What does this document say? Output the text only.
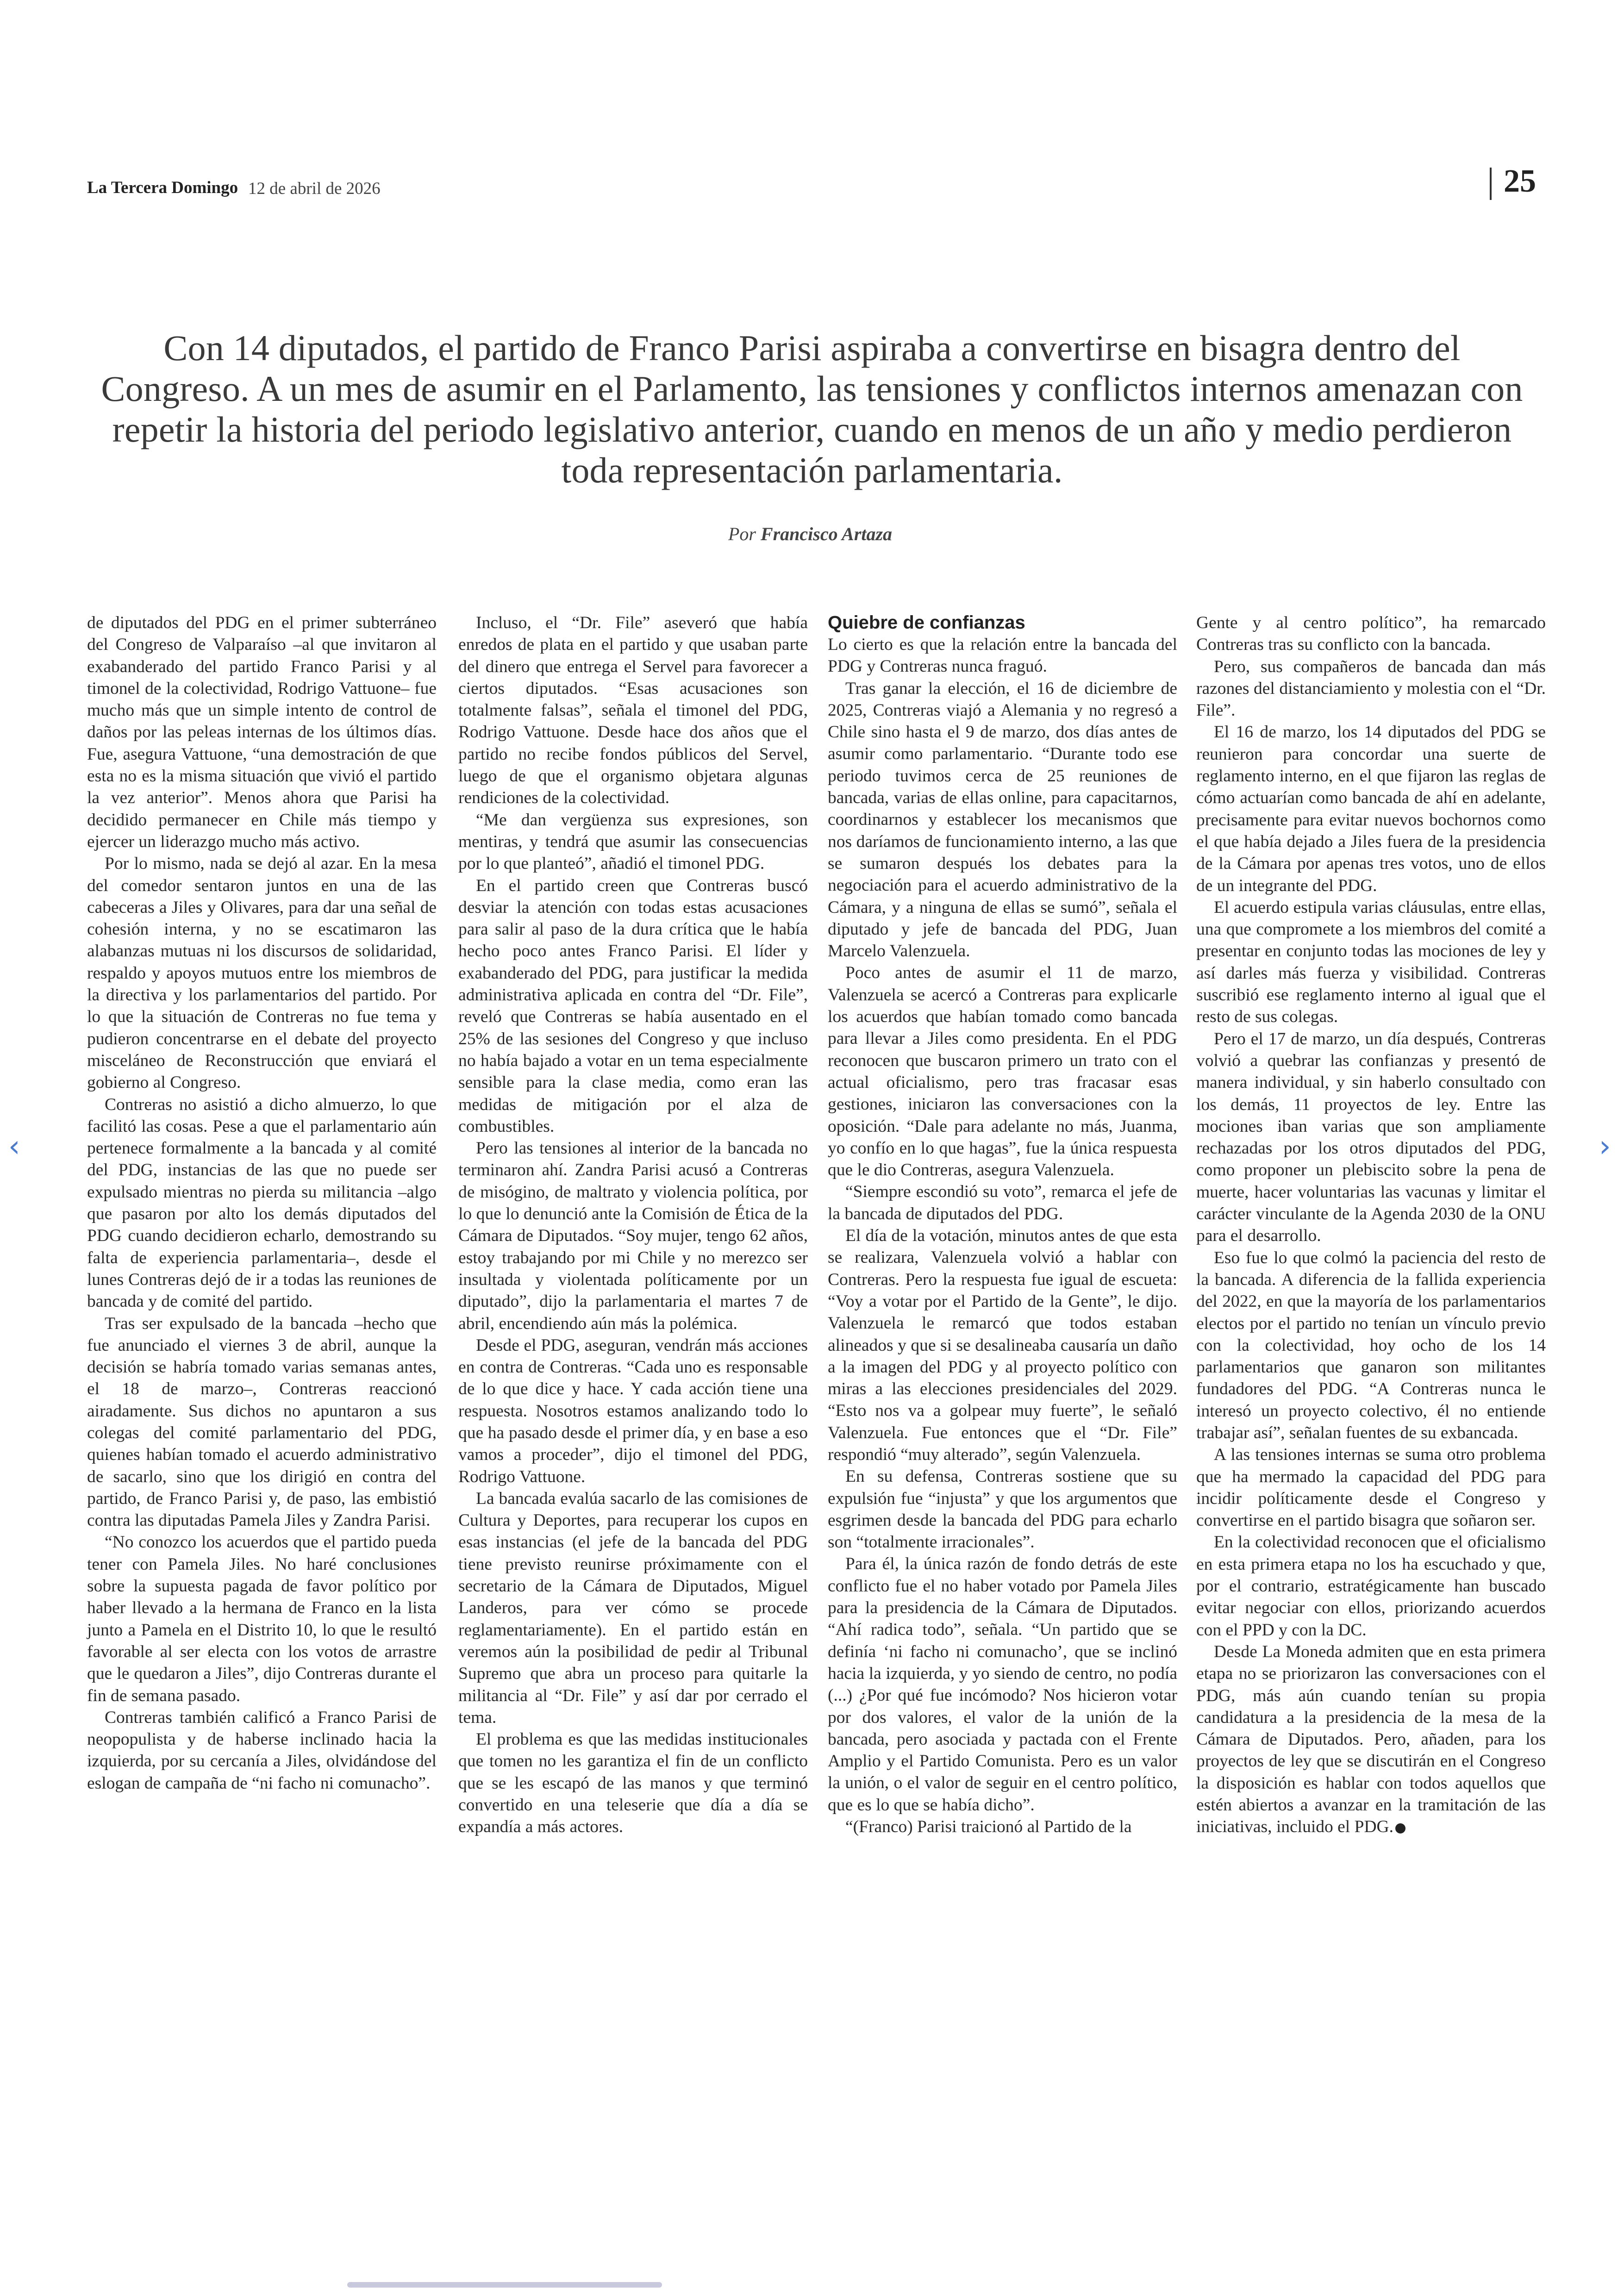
La Tercera Domingo 12 de abril de 2026	25
Con 14 diputados, el partido de Franco Parisi aspiraba a convertirse en bisagra dentro del Congreso. A un mes de asumir en el Parlamento, las tensiones y conflictos internos amenazan con repetir la historia del periodo legislativo anterior, cuando en menos de un año y medio perdieron toda representación parlamentaria.
Por Francisco Artaza

de diputados del PDG en el primer subterráneo del Congreso de Valparaíso –al que invitaron al exabanderado del partido Franco Parisi y al timonel de la colectividad, Rodrigo Vattuone– fue mucho más que un simple intento de control de daños por las peleas internas de los últimos días. Fue, asegura Vattuone, “una demostración de que esta no es la misma situación que vivió el partido la vez anterior”. Menos ahora que Parisi ha decidido permanecer en Chile más tiempo y ejercer un liderazgo mucho más activo.

Por lo mismo, nada se dejó al azar. En la mesa del comedor sentaron juntos en una de las cabeceras a Jiles y Olivares, para dar una señal de cohesión interna, y no se escatimaron las alabanzas mutuas ni los discursos de solidaridad, respaldo y apoyos mutuos entre los miembros de la directiva y los parlamentarios del partido. Por lo que la situación de Contreras no fue tema y pudieron concentrarse en el debate del proyecto misceláneo de Reconstrucción que enviará el gobierno al Congreso.

Contreras no asistió a dicho almuerzo, lo que facilitó las cosas. Pese a que el parlamentario aún pertenece formalmente a la bancada y al comité del PDG, instancias de las que no puede ser expulsado mientras no pierda su militancia –algo que pasaron por alto los demás diputados del PDG cuando decidieron echarlo, demostrando su falta de experiencia parlamentaria–, desde el lunes Contreras dejó de ir a todas las reuniones de bancada y de comité del partido.

Tras ser expulsado de la bancada –hecho que fue anunciado el viernes 3 de abril, aunque la decisión se habría tomado varias semanas antes, el 18 de marzo–, Contreras reaccionó airadamente. Sus dichos no apuntaron a sus colegas del comité parlamentario del PDG, quienes habían tomado el acuerdo administrativo de sacarlo, sino que los dirigió en contra del partido, de Franco Parisi y, de paso, las embistió contra las diputadas Pamela Jiles y Zandra Parisi.

“No conozco los acuerdos que el partido pueda tener con Pamela Jiles. No haré conclusiones sobre la supuesta pagada de favor político por haber llevado a la hermana de Franco en la lista junto a Pamela en el Distrito 10, lo que le resultó favorable al ser electa con los votos de arrastre que le quedaron a Jiles”, dijo Contreras durante el fin de semana pasado.

Contreras también calificó a Franco Parisi de neopopulista y de haberse inclinado hacia la izquierda, por su cercanía a Jiles, olvidándose del eslogan de campaña de “ni facho ni comunacho”.

Incluso, el “Dr. File” aseveró que había enredos de plata en el partido y que usaban parte del dinero que entrega el Servel para favorecer a ciertos diputados. “Esas acusaciones son totalmente falsas”, señala el timonel del PDG, Rodrigo Vattuone. Desde hace dos años que el partido no recibe fondos públicos del Servel, luego de que el organismo objetara algunas rendiciones de la colectividad.

“Me dan vergüenza sus expresiones, son mentiras, y tendrá que asumir las consecuencias por lo que planteó”, añadió el timonel PDG.

En el partido creen que Contreras buscó desviar la atención con todas estas acusaciones para salir al paso de la dura crítica que le había hecho poco antes Franco Parisi. El líder y exabanderado del PDG, para justificar la medida administrativa aplicada en contra del “Dr. File”, reveló que Contreras se había ausentado en el 25% de las sesiones del Congreso y que incluso no había bajado a votar en un tema especialmente sensible para la clase media, como eran las medidas de mitigación por el alza de combustibles.

Pero las tensiones al interior de la bancada no terminaron ahí. Zandra Parisi acusó a Contreras de misógino, de maltrato y violencia política, por lo que lo denunció ante la Comisión de Ética de la Cámara de Diputados. “Soy mujer, tengo 62 años, estoy trabajando por mi Chile y no merezco ser insultada y violentada políticamente por un diputado”, dijo la parlamentaria el martes 7 de abril, encendiendo aún más la polémica.

Desde el PDG, aseguran, vendrán más acciones en contra de Contreras. “Cada uno es responsable de lo que dice y hace. Y cada acción tiene una respuesta. Nosotros estamos analizando todo lo que ha pasado desde el primer día, y en base a eso vamos a proceder”, dijo el timonel del PDG, Rodrigo Vattuone.

La bancada evalúa sacarlo de las comisiones de Cultura y Deportes, para recuperar los cupos en esas instancias (el jefe de la bancada del PDG tiene previsto reunirse próximamente con el secretario de la Cámara de Diputados, Miguel Landeros, para ver cómo se procede reglamentariamente). En el partido están en veremos aún la posibilidad de pedir al Tribunal Supremo que abra un proceso para quitarle la militancia al “Dr. File” y así dar por cerrado el tema.

El problema es que las medidas institucionales que tomen no les garantiza el fin de un conflicto que se les escapó de las manos y que terminó convertido en una teleserie que día a día se expandía a más actores.

Quiebre de confianzas

Lo cierto es que la relación entre la bancada del PDG y Contreras nunca fraguó.

Tras ganar la elección, el 16 de diciembre de 2025, Contreras viajó a Alemania y no regresó a Chile sino hasta el 9 de marzo, dos días antes de asumir como parlamentario. “Durante todo ese periodo tuvimos cerca de 25 reuniones de bancada, varias de ellas online, para capacitarnos, coordinarnos y establecer los mecanismos que nos daríamos de funcionamiento interno, a las que se sumaron después los debates para la negociación para el acuerdo administrativo de la Cámara, y a ninguna de ellas se sumó”, señala el diputado y jefe de bancada del PDG, Juan Marcelo Valenzuela.

Poco antes de asumir el 11 de marzo, Valenzuela se acercó a Contreras para explicarle los acuerdos que habían tomado como bancada para llevar a Jiles como presidenta. En el PDG reconocen que buscaron primero un trato con el actual oficialismo, pero tras fracasar esas gestiones, iniciaron las conversaciones con la oposición. “Dale para adelante no más, Juanma, yo confío en lo que hagas”, fue la única respuesta que le dio Contreras, asegura Valenzuela.

“Siempre escondió su voto”, remarca el jefe de la bancada de diputados del PDG.

El día de la votación, minutos antes de que esta se realizara, Valenzuela volvió a hablar con Contreras. Pero la respuesta fue igual de escueta: “Voy a votar por el Partido de la Gente”, le dijo. Valenzuela le remarcó que todos estaban alineados y que si se desalineaba causaría un daño a la imagen del PDG y al proyecto político con miras a las elecciones presidenciales del 2029. “Esto nos va a golpear muy fuerte”, le señaló Valenzuela. Fue entonces que el “Dr. File” respondió “muy alterado”, según Valenzuela.

En su defensa, Contreras sostiene que su expulsión fue “injusta” y que los argumentos que esgrimen desde la bancada del PDG para echarlo son “totalmente irracionales”.

Para él, la única razón de fondo detrás de este conflicto fue el no haber votado por Pamela Jiles para la presidencia de la Cámara de Diputados. “Ahí radica todo”, señala. “Un partido que se definía ‘ni facho ni comunacho’, que se inclinó hacia la izquierda, y yo siendo de centro, no podía (...) ¿Por qué fue incómodo? Nos hicieron votar por dos valores, el valor de la unión de la bancada, pero asociada y pactada con el Frente Amplio y el Partido Comunista. Pero es un valor la unión, o el valor de seguir en el centro político, que es lo que se había dicho”.

“(Franco) Parisi traicionó al Partido de la

Gente y al centro político”, ha remarcado Contreras tras su conflicto con la bancada.

Pero, sus compañeros de bancada dan más razones del distanciamiento y molestia con el “Dr. File”.

El 16 de marzo, los 14 diputados del PDG se reunieron para concordar una suerte de reglamento interno, en el que fijaron las reglas de cómo actuarían como bancada de ahí en adelante, precisamente para evitar nuevos bochornos como el que había dejado a Jiles fuera de la presidencia de la Cámara por apenas tres votos, uno de ellos de un integrante del PDG.

El acuerdo estipula varias cláusulas, entre ellas, una que compromete a los miembros del comité a presentar en conjunto todas las mociones de ley y así darles más fuerza y visibilidad. Contreras suscribió ese reglamento interno al igual que el resto de sus colegas.

Pero el 17 de marzo, un día después, Contreras volvió a quebrar las confianzas y presentó de manera individual, y sin haberlo consultado con los demás, 11 proyectos de ley. Entre las mociones iban varias que son ampliamente rechazadas por los otros diputados del PDG, como proponer un plebiscito sobre la pena de muerte, hacer voluntarias las vacunas y limitar el carácter vinculante de la Agenda 2030 de la ONU para el desarrollo.

Eso fue lo que colmó la paciencia del resto de la bancada. A diferencia de la fallida experiencia del 2022, en que la mayoría de los parlamentarios electos por el partido no tenían un vínculo previo con la colectividad, hoy ocho de los 14 parlamentarios que ganaron son militantes fundadores del PDG. “A Contreras nunca le interesó un proyecto colectivo, él no entiende trabajar así”, señalan fuentes de su exbancada.

A las tensiones internas se suma otro problema que ha mermado la capacidad del PDG para incidir políticamente desde el Congreso y convertirse en el partido bisagra que soñaron ser.

En la colectividad reconocen que el oficialismo en esta primera etapa no los ha escuchado y que, por el contrario, estratégicamente han buscado evitar negociar con ellos, priorizando acuerdos con el PPD y con la DC.

Desde La Moneda admiten que en esta primera etapa no se priorizaron las conversaciones con el PDG, más aún cuando tenían su propia candidatura a la presidencia de la mesa de la Cámara de Diputados. Pero, añaden, para los proyectos de ley que se discutirán en el Congreso la disposición es hablar con todos aquellos que estén abiertos a avanzar en la tramitación de las iniciativas, incluido el PDG.

‹	›
